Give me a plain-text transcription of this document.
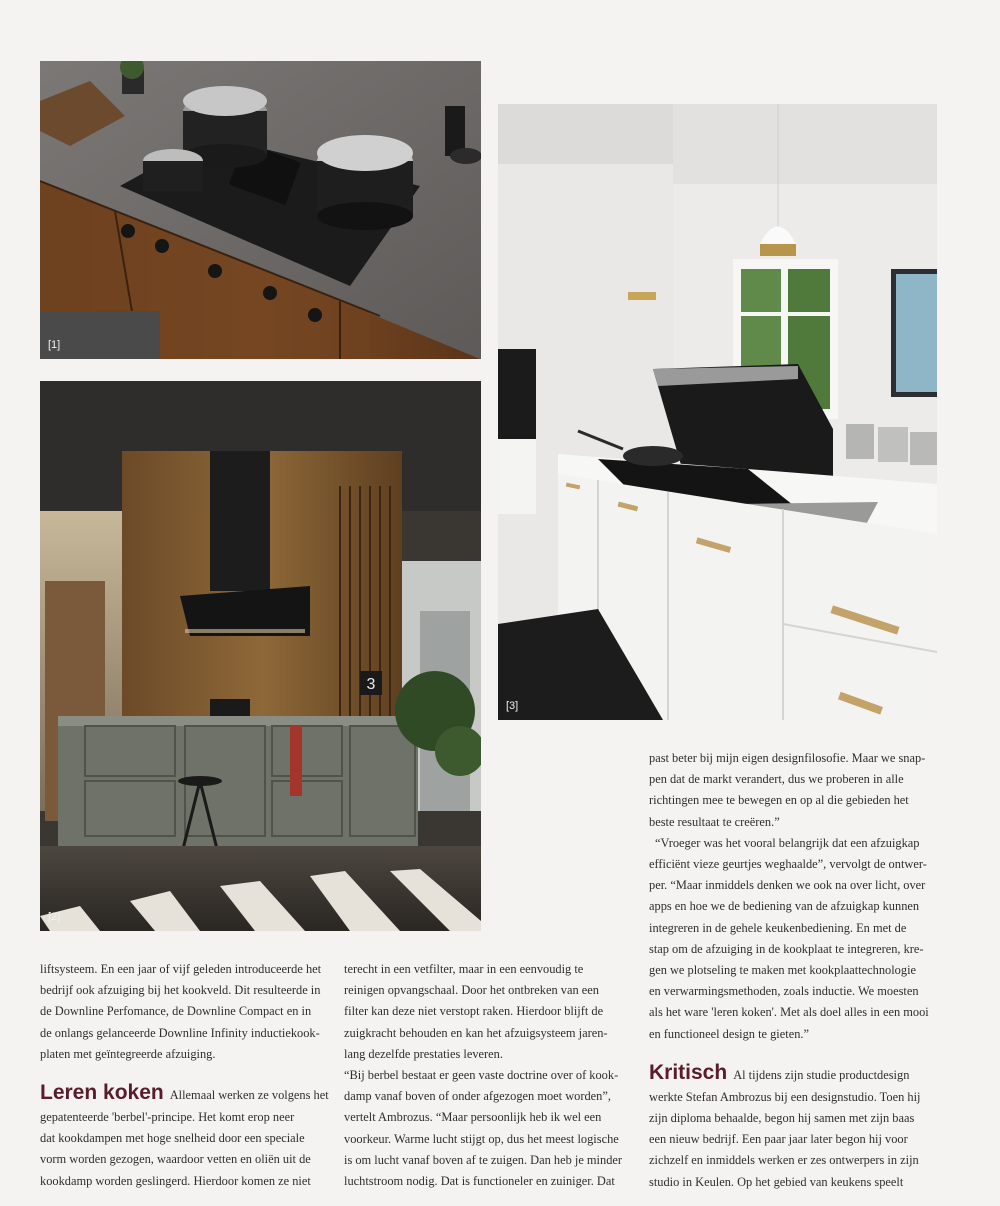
[1]
3
[2]
[3]
liftsysteem. En een jaar of vijf geleden introduceerde het
bedrijf ook afzuiging bij het kookveld. Dit resulteerde in
de Downline Perfomance, de Downline Compact en in
de onlangs gelanceerde Downline Infinity inductiekook-
platen met geïntegreerde afzuiging.
Leren koken Allemaal werken ze volgens het
gepatenteerde 'berbel'-principe. Het komt erop neer
dat kookdampen met hoge snelheid door een speciale
vorm worden gezogen, waardoor vetten en oliën uit de
kookdamp worden geslingerd. Hierdoor komen ze niet
terecht in een vetfilter, maar in een eenvoudig te
reinigen opvangschaal. Door het ontbreken van een
filter kan deze niet verstopt raken. Hierdoor blijft de
zuigkracht behouden en kan het afzuigsysteem jaren-
lang dezelfde prestaties leveren.
“Bij berbel bestaat er geen vaste doctrine over of kook-
damp vanaf boven of onder afgezogen moet worden”,
vertelt Ambrozus. “Maar persoonlijk heb ik wel een
voorkeur. Warme lucht stijgt op, dus het meest logische
is om lucht vanaf boven af te zuigen. Dan heb je minder
luchtstroom nodig. Dat is functioneler en zuiniger. Dat
past beter bij mijn eigen designfilosofie. Maar we snap-
pen dat de markt verandert, dus we proberen in alle
richtingen mee te bewegen en op al die gebieden het
beste resultaat te creëren.”
“Vroeger was het vooral belangrijk dat een afzuigkap
efficiënt vieze geurtjes weghaalde”, vervolgt de ontwer-
per. “Maar inmiddels denken we ook na over licht, over
apps en hoe we de bediening van de afzuigkap kunnen
integreren in de gehele keukenbediening. En met de
stap om de afzuiging in de kookplaat te integreren, kre-
gen we plotseling te maken met kookplaattechnologie
en verwarmingsmethoden, zoals inductie. We moesten
als het ware 'leren koken'. Met als doel alles in een mooi
en functioneel design te gieten.”
Kritisch Al tijdens zijn studie productdesign
werkte Stefan Ambrozus bij een designstudio. Toen hij
zijn diploma behaalde, begon hij samen met zijn baas
een nieuw bedrijf. Een paar jaar later begon hij voor
zichzelf en inmiddels werken er zes ontwerpers in zijn
studio in Keulen. Op het gebied van keukens speelt
